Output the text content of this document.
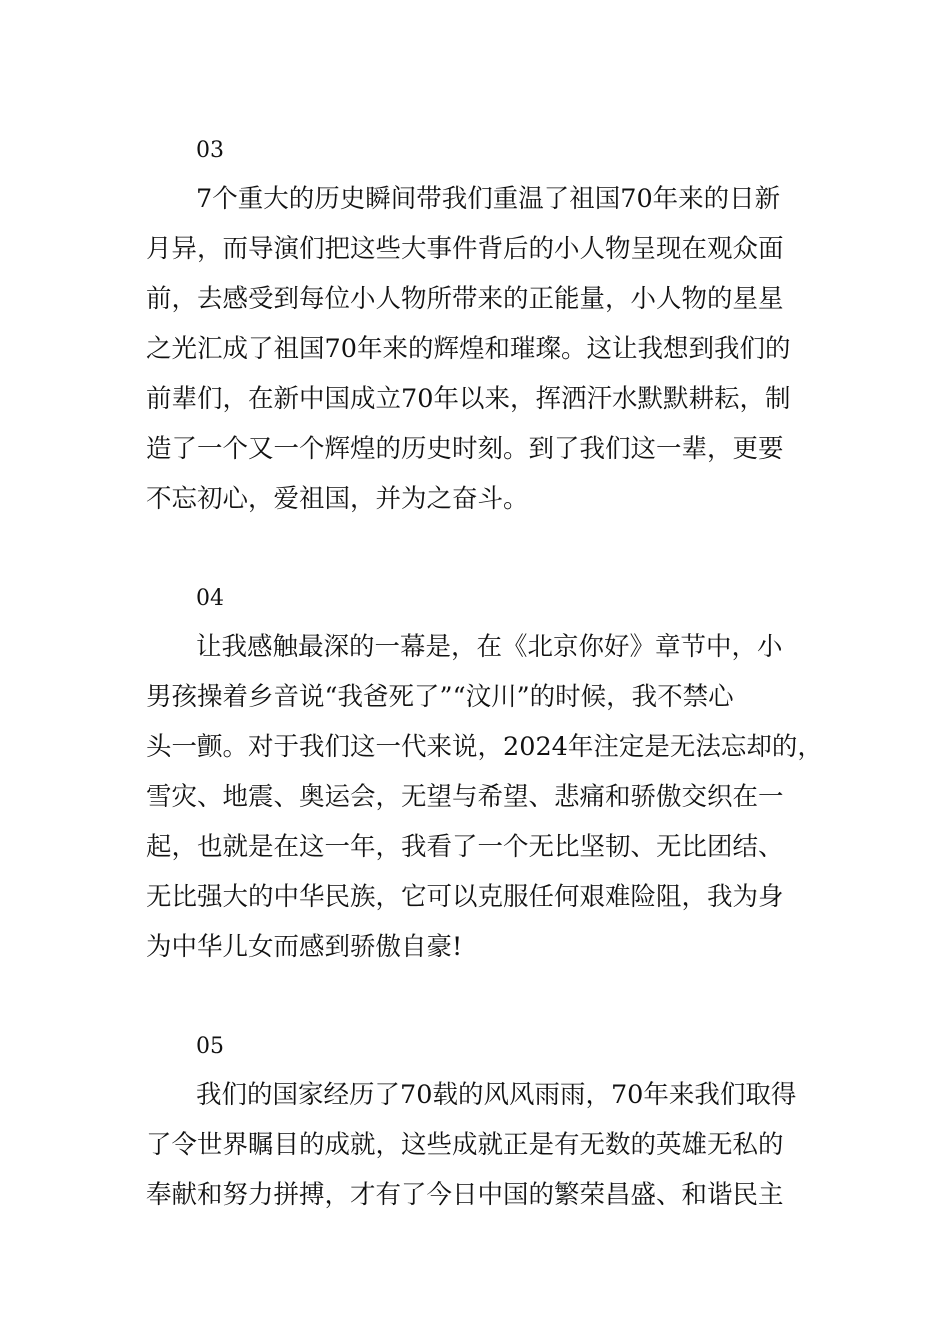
03
7个重大的历史瞬间带我们重温了祖国70年来的日新
月异，而导演们把这些大事件背后的小人物呈现在观众面
前，去感受到每位小人物所带来的正能量，小人物的星星
之光汇成了祖国70年来的辉煌和璀璨。这让我想到我们的
前辈们，在新中国成立70年以来，挥洒汗水默默耕耘，制
造了一个又一个辉煌的历史时刻。到了我们这一辈，更要
不忘初心，爱祖国，并为之奋斗。
04
让我感触最深的一幕是，在《北京你好》章节中，小
男孩操着乡音说“我爸死了”“汶川”的时候，我不禁心
头一颤。对于我们这一代来说，2024年注定是无法忘却的，
雪灾、地震、奥运会，无望与希望、悲痛和骄傲交织在一
起，也就是在这一年，我看了一个无比坚韧、无比团结、
无比强大的中华民族，它可以克服任何艰难险阻，我为身
为中华儿女而感到骄傲自豪!
05
我们的国家经历了70载的风风雨雨，70年来我们取得
了令世界瞩目的成就，这些成就正是有无数的英雄无私的
奉献和努力拼搏，才有了今日中国的繁荣昌盛、和谐民主
